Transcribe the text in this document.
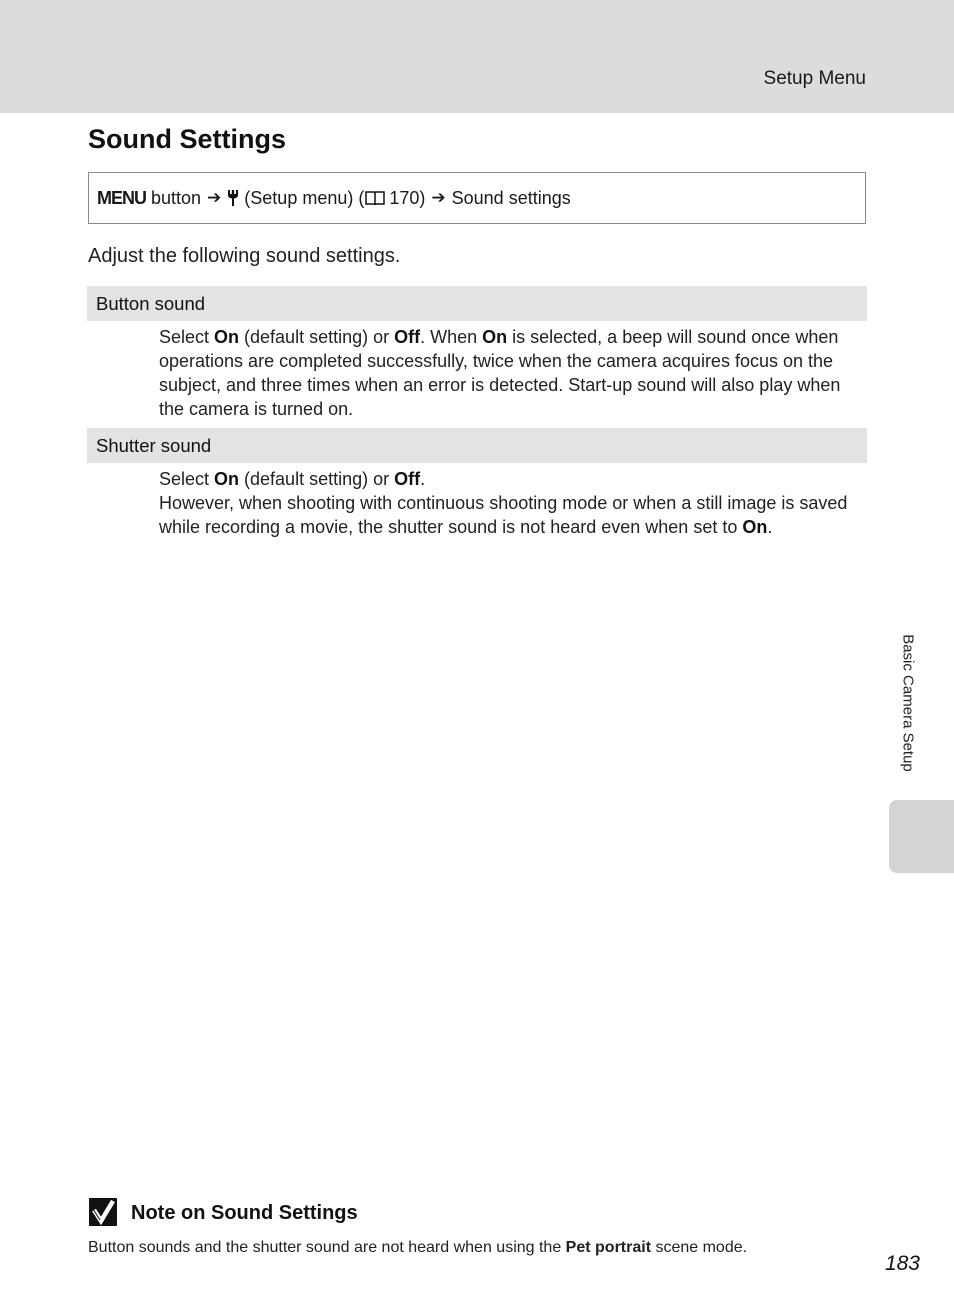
Setup Menu
Sound Settings
MENU button ➔ (Setup menu) ( 170) ➔ Sound settings
Adjust the following sound settings.
Button sound
Select On (default setting) or Off. When On is selected, a beep will sound once when operations are completed successfully, twice when the camera acquires focus on the subject, and three times when an error is detected. Start-up sound will also play when the camera is turned on.
Shutter sound
Select On (default setting) or Off.
However, when shooting with continuous shooting mode or when a still image is saved while recording a movie, the shutter sound is not heard even when set to On.
Basic Camera Setup
Note on Sound Settings
Button sounds and the shutter sound are not heard when using the Pet portrait scene mode.
183
